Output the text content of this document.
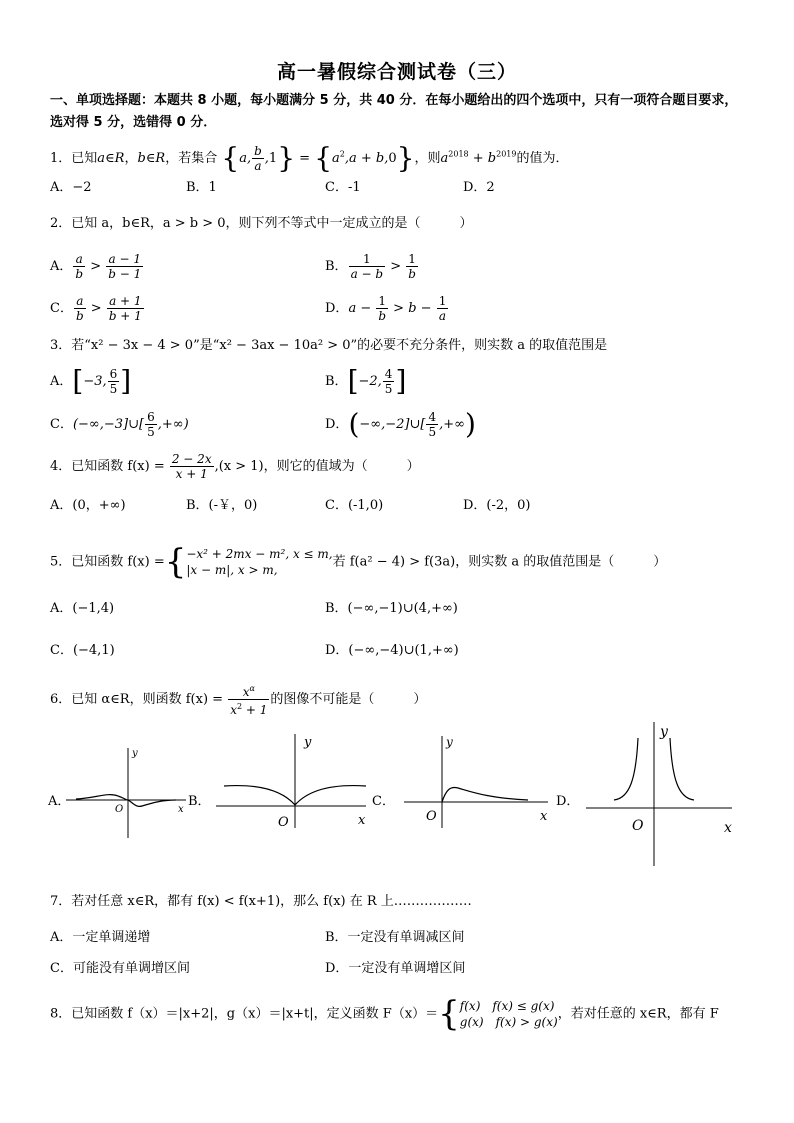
高一暑假综合测试卷（三）
一、单项选择题：本题共 8 小题，每小题满分 5 分，共 40 分．在每小题给出的四个选项中，只有一项符合题目要求，选对得 5 分，选错得 0 分．
1．已知a∈R，b∈R，若集合 {a, $\frac{b}{a} ,1\} = \{a^2,a + b,0\}$，则$a^{2018} + b^{2019}$的值为．
A．−2	B．1	C．-1	D．2
2．已知 a，b∈R，a > b > 0，则下列不等式中一定成立的是（　　　）
A． $\frac{a}{b} > \frac{a - 1}{b - 1}$	B． $\frac{1}{a - b} > \frac{1}{b}$
C． $\frac{a}{b} > \frac{a + 1}{b + 1}$	D．$a - \frac{1}{b} > b - \frac{1}{a}$
3．若“x² − 3x − 4 > 0”是“x² − 3ax − 10a² > 0”的必要不充分条件，则实数 a 的取值范围是
A．[−3, $\frac{6}{5}$ ]	B．[−2, $\frac{4}{5}$ ]
C．(−∞,−3]∪[ $\frac{6}{5}$ ,+∞)	D．(−∞,−2]∪[ $\frac{4}{5}$ ,+∞)
4．已知函数 $f(x) = \frac{2 - 2x}{x + 1} ,(x > 1)$，则它的值域为（　　　）
A．(0，+∞)	B．(-￥，0)	C．(-1,0)	D．(-2，0)
5．已知函数 f(x) ={ −x² + 2mx − m², x ≤ m,
|x − m|, x > m,
若 f(a² − 4) > f(3a)，则实数 a 的取值范围是（　　　）
A．(−1,4)	B．(−∞,−1)∪(4,+∞)
C．(−4,1)	D．(−∞,−4)∪(1,+∞)
6．已知 α∈R，则函数 $f(x) = \frac{x^\alpha}{x^2 + 1}$ 的图像不可能是（　　　）
A．	B．	C．	D．
y
O	x
y
O	x
y
O	x
y
O	x
7．若对任意 x∈R，都有 f(x) < f(x+1)，那么 f(x) 在 R 上………………
A．一定单调递增	B．一定没有单调减区间
C．可能没有单调增区间	D．一定没有单调增区间
8．已知函数 f（x）＝|x+2|，g（x）＝|x+t|，定义函数 F（x）＝{ f(x)　f(x) ≤ g(x)
g(x)　f(x) > g(x)
，若对任意的 x∈R，都有 F
